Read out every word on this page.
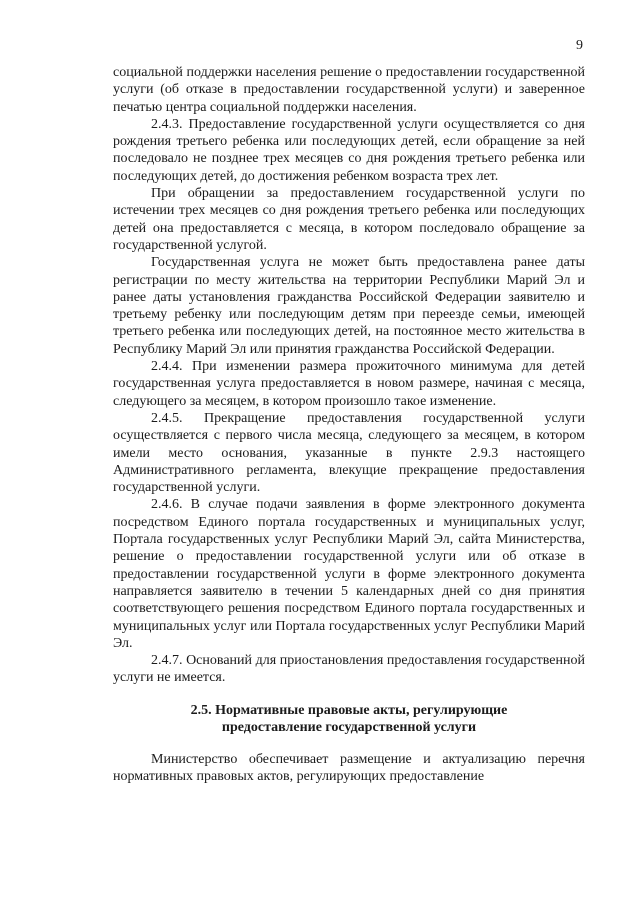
9

социальной поддержки населения решение о предоставлении государственной услуги (об отказе в предоставлении государственной услуги) и заверенное печатью центра социальной поддержки населения.

2.4.3. Предоставление государственной услуги осуществляется со дня рождения третьего ребенка или последующих детей, если обращение за ней последовало не позднее трех месяцев со дня рождения третьего ребенка или последующих детей, до достижения ребенком возраста трех лет.

При обращении за предоставлением государственной услуги по истечении трех месяцев со дня рождения третьего ребенка или последующих детей она предоставляется с месяца, в котором последовало обращение за государственной услугой.

Государственная услуга не может быть предоставлена ранее даты регистрации по месту жительства на территории Республики Марий Эл и ранее даты установления гражданства Российской Федерации заявителю и третьему ребенку или последующим детям при переезде семьи, имеющей третьего ребенка или последующих детей, на постоянное место жительства в Республику Марий Эл или принятия гражданства Российской Федерации.

2.4.4. При изменении размера прожиточного минимума для детей государственная услуга предоставляется в новом размере, начиная с месяца, следующего за месяцем, в котором произошло такое изменение.

2.4.5. Прекращение предоставления государственной услуги осуществляется с первого числа месяца, следующего за месяцем, в котором имели место основания, указанные в пункте 2.9.3 настоящего Административного регламента, влекущие прекращение предоставления государственной услуги.

2.4.6. В случае подачи заявления в форме электронного документа посредством Единого портала государственных и муниципальных услуг, Портала государственных услуг Республики Марий Эл, сайта Министерства, решение о предоставлении государственной услуги или об отказе в предоставлении государственной услуги в форме электронного документа направляется заявителю в течении 5 календарных дней со дня принятия соответствующего решения посредством Единого портала государственных и муниципальных услуг или Портала государственных услуг Республики Марий Эл.

2.4.7. Оснований для приостановления предоставления государственной услуги не имеется.

2.5. Нормативные правовые акты, регулирующие
предоставление государственной услуги

Министерство обеспечивает размещение и актуализацию перечня нормативных правовых актов, регулирующих предоставление
